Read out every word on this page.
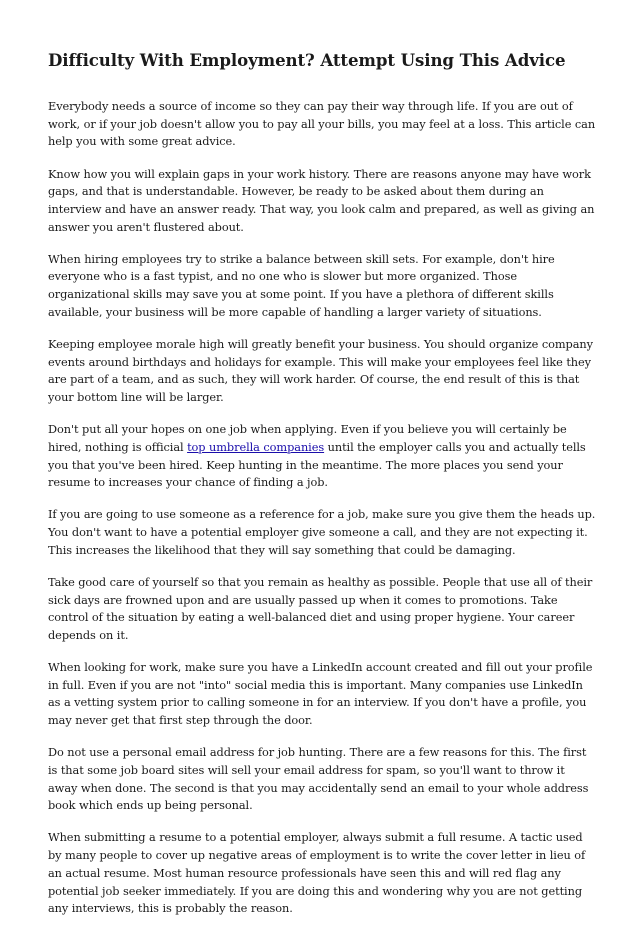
Difficulty With Employment? Attempt Using This Advice

Everybody needs a source of income so they can pay their way through life. If you are out of work, or if your job doesn't allow you to pay all your bills, you may feel at a loss. This article can help you with some great advice.

Know how you will explain gaps in your work history. There are reasons anyone may have work gaps, and that is understandable. However, be ready to be asked about them during an interview and have an answer ready. That way, you look calm and prepared, as well as giving an answer you aren't flustered about.

When hiring employees try to strike a balance between skill sets. For example, don't hire everyone who is a fast typist, and no one who is slower but more organized. Those organizational skills may save you at some point. If you have a plethora of different skills available, your business will be more capable of handling a larger variety of situations.

Keeping employee morale high will greatly benefit your business. You should organize company events around birthdays and holidays for example. This will make your employees feel like they are part of a team, and as such, they will work harder. Of course, the end result of this is that your bottom line will be larger.

Don't put all your hopes on one job when applying. Even if you believe you will certainly be hired, nothing is official top umbrella companies until the employer calls you and actually tells you that you've been hired. Keep hunting in the meantime. The more places you send your resume to increases your chance of finding a job.

If you are going to use someone as a reference for a job, make sure you give them the heads up. You don't want to have a potential employer give someone a call, and they are not expecting it. This increases the likelihood that they will say something that could be damaging.

Take good care of yourself so that you remain as healthy as possible. People that use all of their sick days are frowned upon and are usually passed up when it comes to promotions. Take control of the situation by eating a well-balanced diet and using proper hygiene. Your career depends on it.

When looking for work, make sure you have a LinkedIn account created and fill out your profile in full. Even if you are not "into" social media this is important. Many companies use LinkedIn as a vetting system prior to calling someone in for an interview. If you don't have a profile, you may never get that first step through the door.

Do not use a personal email address for job hunting. There are a few reasons for this. The first is that some job board sites will sell your email address for spam, so you'll want to throw it away when done. The second is that you may accidentally send an email to your whole address book which ends up being personal.

When submitting a resume to a potential employer, always submit a full resume. A tactic used by many people to cover up negative areas of employment is to write the cover letter in lieu of an actual resume. Most human resource professionals have seen this and will red flag any potential job seeker immediately. If you are doing this and wondering why you are not getting any interviews, this is probably the reason.
